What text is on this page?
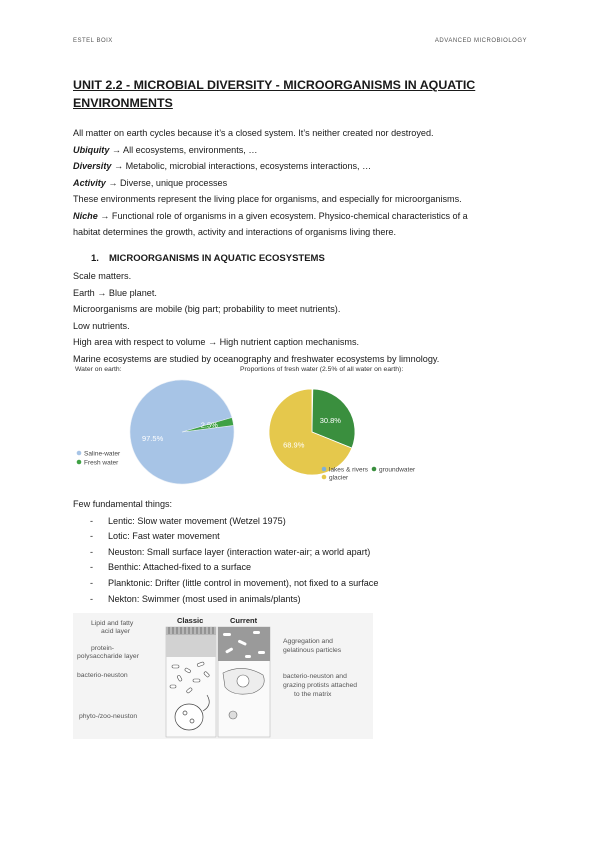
ESTEL BOIX	ADVANCED MICROBIOLOGY
UNIT 2.2 - MICROBIAL DIVERSITY - MICROORGANISMS IN AQUATIC ENVIRONMENTS
All matter on earth cycles because it’s a closed system. It’s neither created nor destroyed.
Ubiquity → All ecosystems, environments, …
Diversity → Metabolic, microbial interactions, ecosystems interactions, …
Activity → Diverse, unique processes
These environments represent the living place for organisms, and especially for microorganisms.
Niche → Functional role of organisms in a given ecosystem. Physico-chemical characteristics of a
habitat determines the growth, activity and interactions of organisms living there.
1. MICROORGANISMS IN AQUATIC ECOSYSTEMS
Scale matters.
Earth → Blue planet.
Microorganisms are mobile (big part; probability to meet nutrients).
Low nutrients.
High area with respect to volume → High nutrient caption mechanisms.
Marine ecosystems are studied by oceanography and freshwater ecosystems by limnology.
Water on earth:
97.5%
2.5%
Saline-water
Fresh water
Proportions of fresh water (2.5% of all water on earth):
30.8%
68.9%
lakes & rivers groundwater
glacier
Few fundamental things:
- Lentic: Slow water movement (Wetzel 1975)
- Lotic: Fast water movement
- Neuston: Small surface layer (interaction water-air; a world apart)
- Benthic: Attached-fixed to a surface
- Planktonic: Drifter (little control in movement), not fixed to a surface
- Nekton: Swimmer (most used in animals/plants)
Lipid and fatty
acid layer
protein-
polysaccharide layer
bacterio-neuston
phyto-/zoo-neuston
Classic	Current
Aggregation and
gelatinous particles
bacterio-neuston and
grazing protists attached
to the matrix
